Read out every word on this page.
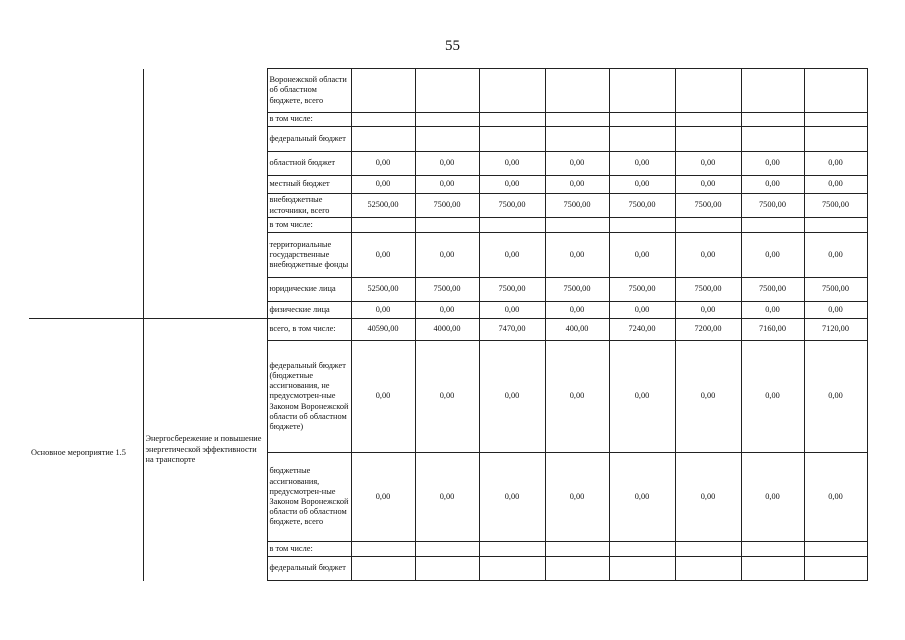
55
		Воронежской области об областном бюджете, всего								
		в том числе:								
		федеральный бюджет								
		областной бюджет	0,00	0,00	0,00	0,00	0,00	0,00	0,00	0,00
		местный бюджет	0,00	0,00	0,00	0,00	0,00	0,00	0,00	0,00
		внебюджетные источники, всего	52500,00	7500,00	7500,00	7500,00	7500,00	7500,00	7500,00	7500,00
		в том числе:								
		территориальные государственные внебюджетные фонды	0,00	0,00	0,00	0,00	0,00	0,00	0,00	0,00
		юридические лица	52500,00	7500,00	7500,00	7500,00	7500,00	7500,00	7500,00	7500,00
		физические лица	0,00	0,00	0,00	0,00	0,00	0,00	0,00	0,00
Основное мероприятие 1.5	Энергосбережение и повышение энергетической эффективности на транспорте	всего, в том числе:	40590,00	4000,00	7470,00	400,00	7240,00	7200,00	7160,00	7120,00
		федеральный бюджет (бюджетные ассигнования, не предусмотрен-ные Законом Воронежской области об областном бюджете)	0,00	0,00	0,00	0,00	0,00	0,00	0,00	0,00
		бюджетные ассигнования, предусмотрен-ные Законом Воронежской области об областном бюджете, всего	0,00	0,00	0,00	0,00	0,00	0,00	0,00	0,00
		в том числе:								
		федеральный бюджет								
